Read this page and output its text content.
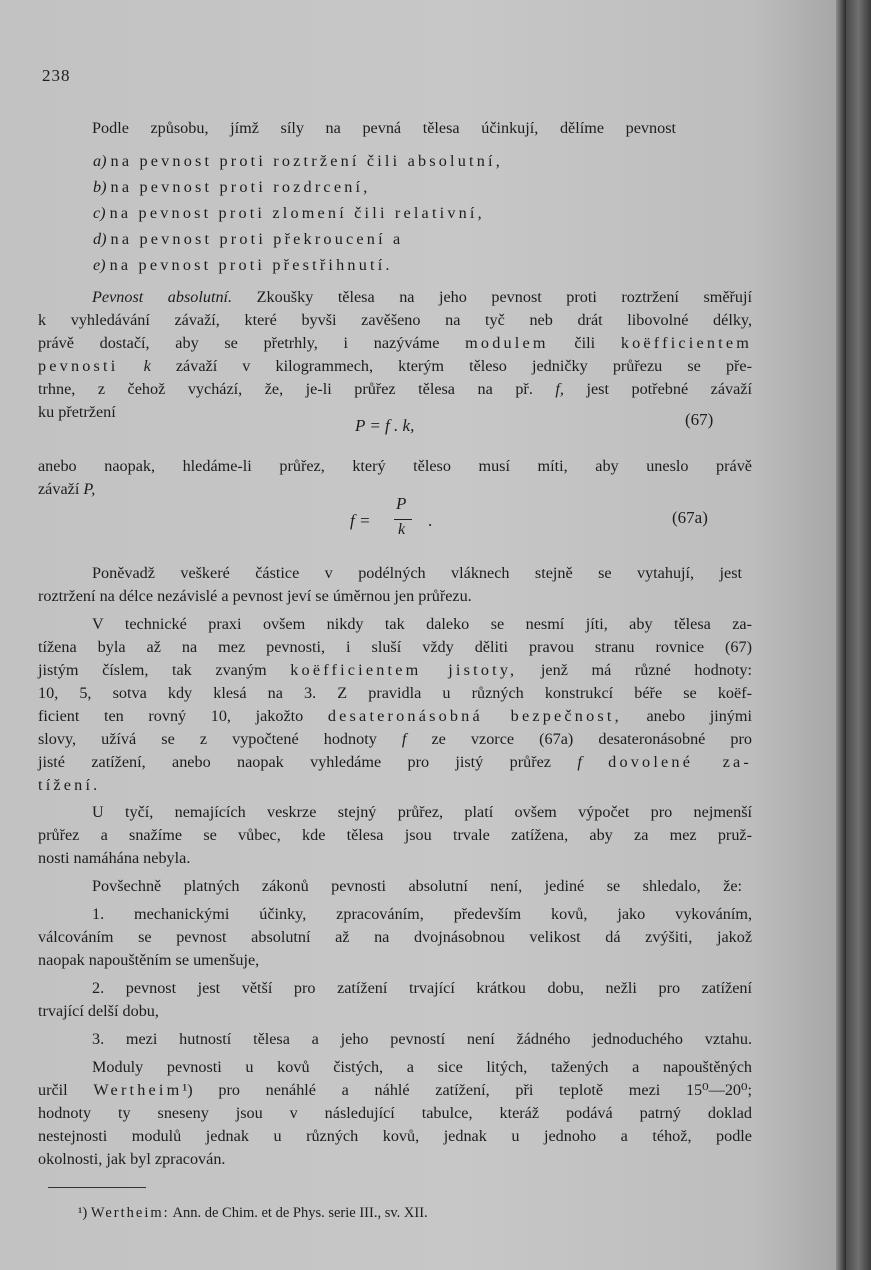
238
Podle způsobu, jímž síly na pevná tělesa účinkují, dělíme pevnost
a) na pevnost proti roztržení čili absolutní,
b) na pevnost proti rozdrcení,
c) na pevnost proti zlomení čili relativní,
d) na pevnost proti překroucení a
e) na pevnost proti přestřihnutí.
Pevnost absolutní. Zkoušky tělesa na jeho pevnost proti roztržení směřují
k vyhledávání závaží, které byvši zavěšeno na tyč neb drát libovolné délky,
právě dostačí, aby se přetrhly, i nazýváme modulem čili koëfficientem
pevnosti k závaží v kilogrammech, kterým těleso jedničky průřezu se pře-
trhne, z čehož vychází, že, je-li průřez tělesa na př. f, jest potřebné závaží
ku přetržení
P = f . k,	(67)
anebo naopak, hledáme-li průřez, který těleso musí míti, aby uneslo právě
závaží P,
f =
P
k .	(67a)
Poněvadž veškeré částice v podélných vláknech stejně se vytahují, jest
roztržení na délce nezávislé a pevnost jeví se úměrnou jen průřezu.
V technické praxi ovšem nikdy tak daleko se nesmí jíti, aby tělesa za-
tížena byla až na mez pevnosti, i sluší vždy děliti pravou stranu rovnice (67)
jistým číslem, tak zvaným koëfficientem jistoty, jenž má různé hodnoty:
10, 5, sotva kdy klesá na 3. Z pravidla u různých konstrukcí béře se koëf-
ficient ten rovný 10, jakožto desateronásobná bezpečnost, anebo jinými
slovy, užívá se z vypočtené hodnoty f ze vzorce (67a) desateronásobné pro
jisté zatížení, anebo naopak vyhledáme pro jistý průřez f dovolené za-
tížení.
U tyčí, nemajících veskrze stejný průřez, platí ovšem výpočet pro nejmenší
průřez a snažíme se vůbec, kde tělesa jsou trvale zatížena, aby za mez pruž-
nosti namáhána nebyla.
Povšechně platných zákonů pevnosti absolutní není, jediné se shledalo, že:
1. mechanickými účinky, zpracováním, především kovů, jako vykováním,
válcováním se pevnost absolutní až na dvojnásobnou velikost dá zvýšiti, jakož
naopak napouštěním se umenšuje,
2. pevnost jest větší pro zatížení trvající krátkou dobu, nežli pro zatížení
trvající delší dobu,
3. mezi hutností tělesa a jeho pevností není žádného jednoduchého vztahu.
Moduly pevnosti u kovů čistých, a sice litých, tažených a napouštěných
určil Wertheim¹) pro nenáhlé a náhlé zatížení, při teplotě mezi 15⁰—20⁰;
hodnoty ty sneseny jsou v následující tabulce, kteráž podává patrný doklad
nestejnosti modulů jednak u různých kovů, jednak u jednoho a téhož, podle
okolnosti, jak byl zpracován.
¹) Wertheim: Ann. de Chim. et de Phys. serie III., sv. XII.
